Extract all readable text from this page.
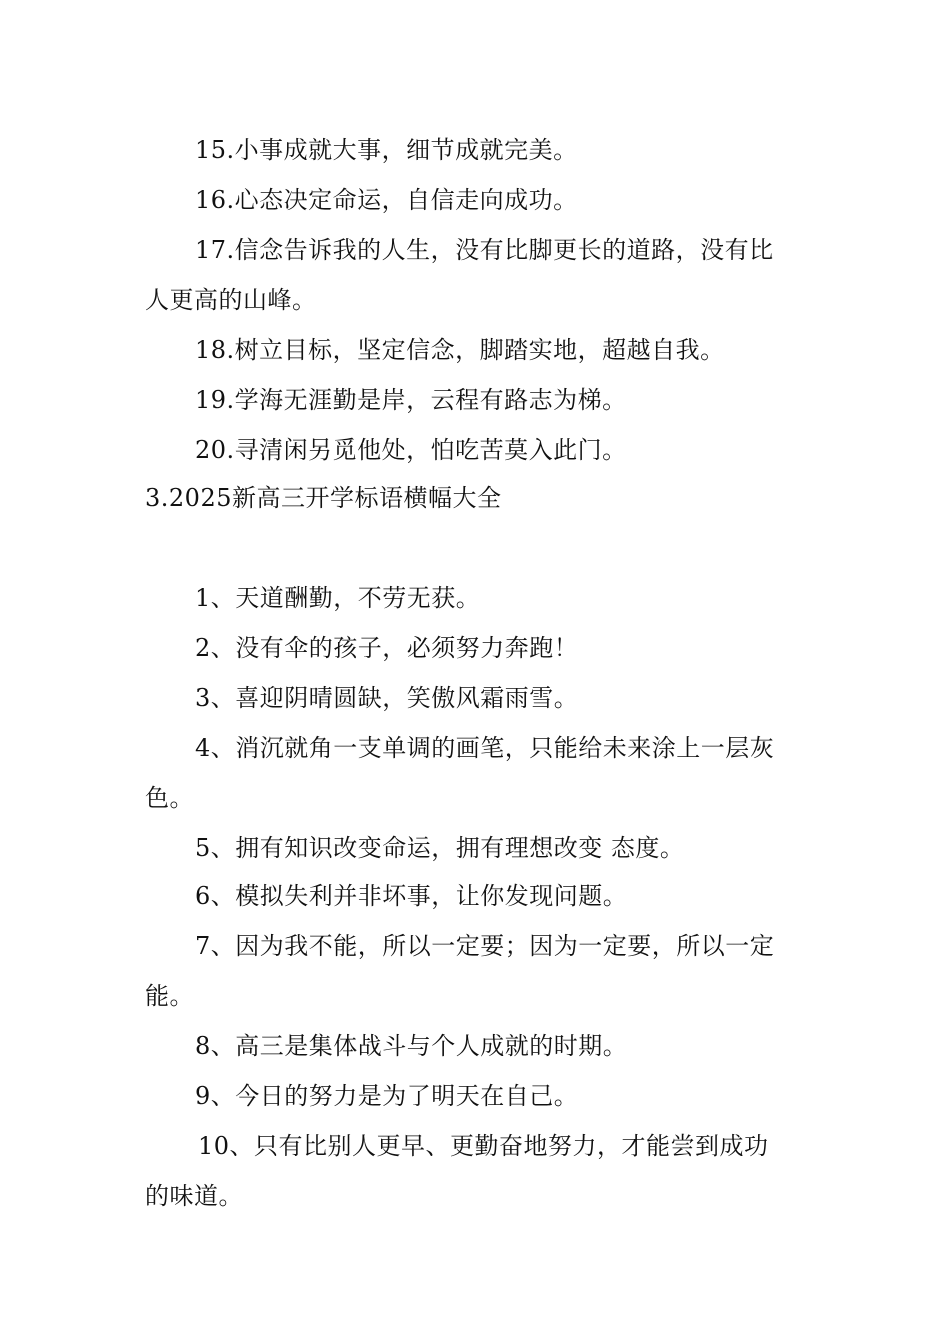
15.小事成就大事，细节成就完美。
16.心态决定命运，自信走向成功。
17.信念告诉我的人生，没有比脚更长的道路，没有比
人更高的山峰。
18.树立目标，坚定信念，脚踏实地，超越自我。
19.学海无涯勤是岸，云程有路志为梯。
20.寻清闲另觅他处，怕吃苦莫入此门。
3.2025新高三开学标语横幅大全
1、天道酬勤，不劳无获。
2、没有伞的孩子，必须努力奔跑！
3、喜迎阴晴圆缺，笑傲风霜雨雪。
4、消沉就角一支单调的画笔，只能给未来涂上一层灰
色。
5、拥有知识改变命运，拥有理想改变 态度。
6、模拟失利并非坏事，让你发现问题。
7、因为我不能，所以一定要；因为一定要，所以一定
能。
8、高三是集体战斗与个人成就的时期。
9、今日的努力是为了明天在自己。
10、只有比别人更早、更勤奋地努力，才能尝到成功
的味道。
